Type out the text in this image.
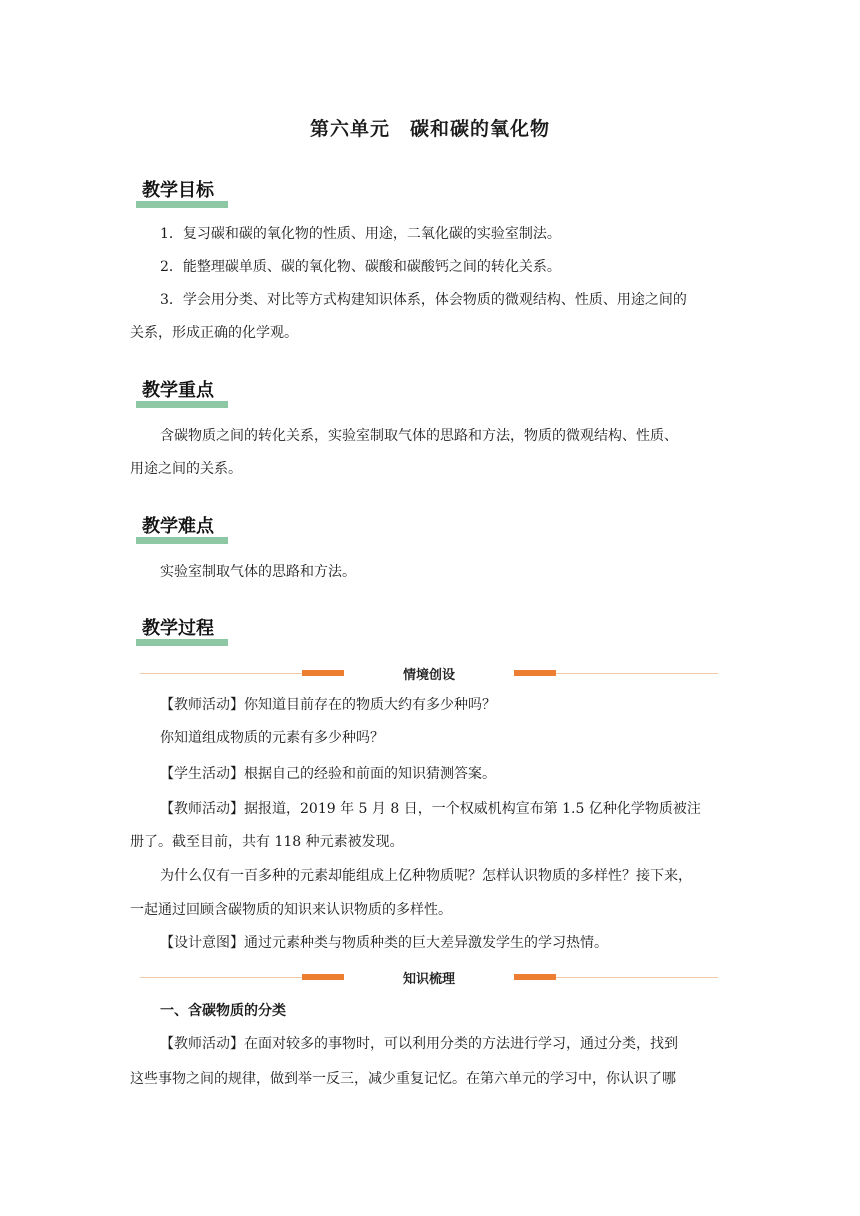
第六单元　碳和碳的氧化物
教学目标
1．复习碳和碳的氧化物的性质、用途，二氧化碳的实验室制法。
2．能整理碳单质、碳的氧化物、碳酸和碳酸钙之间的转化关系。
3．学会用分类、对比等方式构建知识体系，体会物质的微观结构、性质、用途之间的
关系，形成正确的化学观。
教学重点
含碳物质之间的转化关系，实验室制取气体的思路和方法，物质的微观结构、性质、
用途之间的关系。
教学难点
实验室制取气体的思路和方法。
教学过程
情境创设
【教师活动】你知道目前存在的物质大约有多少种吗？
你知道组成物质的元素有多少种吗？
【学生活动】根据自己的经验和前面的知识猜测答案。
【教师活动】据报道，2019 年 5 月 8 日，一个权威机构宣布第 1.5 亿种化学物质被注
册了。截至目前，共有 118 种元素被发现。
为什么仅有一百多种的元素却能组成上亿种物质呢？怎样认识物质的多样性？接下来，
一起通过回顾含碳物质的知识来认识物质的多样性。
【设计意图】通过元素种类与物质种类的巨大差异激发学生的学习热情。
知识梳理
一、含碳物质的分类
【教师活动】在面对较多的事物时，可以利用分类的方法进行学习，通过分类，找到
这些事物之间的规律，做到举一反三，减少重复记忆。在第六单元的学习中，你认识了哪
